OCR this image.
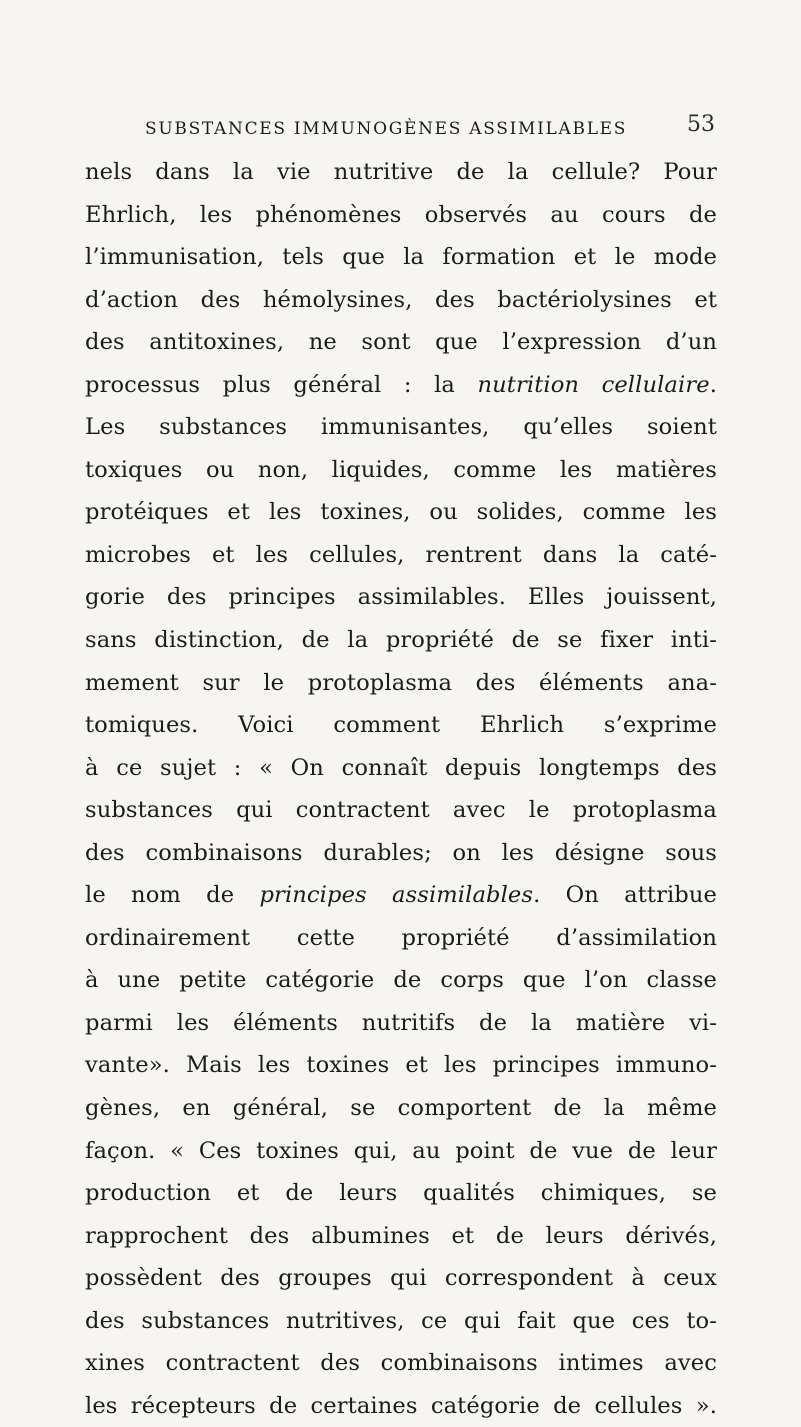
SUBSTANCES IMMUNOGÈNES ASSIMILABLES	53
nels dans la vie nutritive de la cellule? Pour
Ehrlich, les phénomènes observés au cours de
l’immunisation, tels que la formation et le mode
d’action des hémolysines, des bactériolysines et
des antitoxines, ne sont que l’expression d’un
processus plus général : la nutrition cellulaire.
Les substances immunisantes, qu’elles soient
toxiques ou non, liquides, comme les matières
protéiques et les toxines, ou solides, comme les
microbes et les cellules, rentrent dans la caté-
gorie des principes assimilables. Elles jouissent,
sans distinction, de la propriété de se fixer inti-
mement sur le protoplasma des éléments ana-
tomiques. Voici comment Ehrlich s’exprime
à ce sujet : « On connaît depuis longtemps des
substances qui contractent avec le protoplasma
des combinaisons durables; on les désigne sous
le nom de principes assimilables. On attribue
ordinairement cette propriété d’assimilation
à une petite catégorie de corps que l’on classe
parmi les éléments nutritifs de la matière vi-
vante». Mais les toxines et les principes immuno-
gènes, en général, se comportent de la même
façon. « Ces toxines qui, au point de vue de leur
production et de leurs qualités chimiques, se
rapprochent des albumines et de leurs dérivés,
possèdent des groupes qui correspondent à ceux
des substances nutritives, ce qui fait que ces to-
xines contractent des combinaisons intimes avec
les récepteurs de certaines catégorie de cellules ».
